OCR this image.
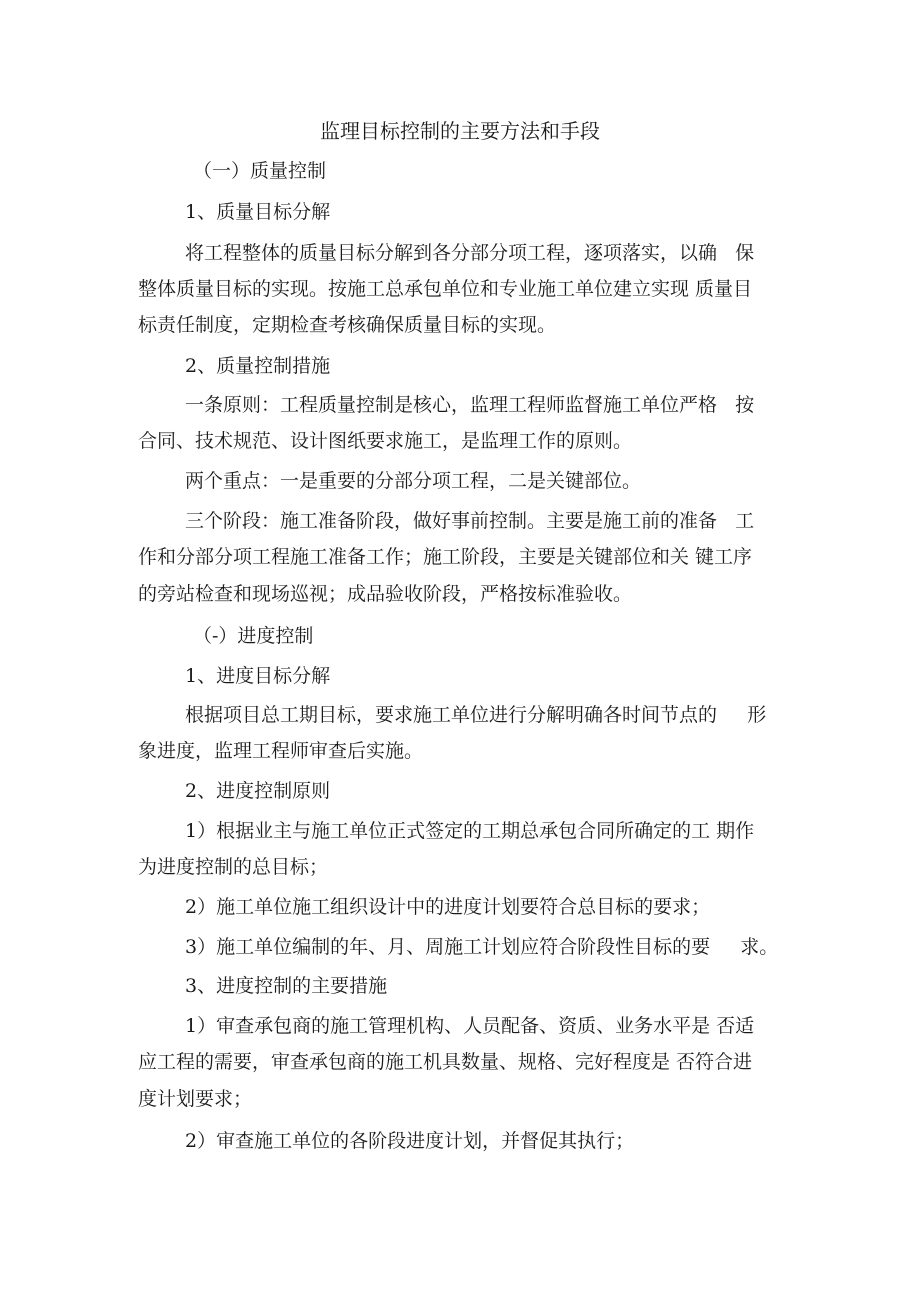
监理目标控制的主要方法和手段
（一）质量控制
1、质量目标分解
将工程整体的质量目标分解到各分部分项工程，逐项落实，以确   保
整体质量目标的实现。按施工总承包单位和专业施工单位建立实现 质量目
标责任制度，定期检查考核确保质量目标的实现。
2、质量控制措施
一条原则：工程质量控制是核心，监理工程师监督施工单位严格   按
合同、技术规范、设计图纸要求施工，是监理工作的原则。
两个重点：一是重要的分部分项工程，二是关键部位。
三个阶段：施工准备阶段，做好事前控制。主要是施工前的准备   工
作和分部分项工程施工准备工作；施工阶段，主要是关键部位和关 键工序
的旁站检查和现场巡视；成品验收阶段，严格按标准验收。
（-）进度控制
1、进度目标分解
根据项目总工期目标，要求施工单位进行分解明确各时间节点的     形
象进度，监理工程师审查后实施。
2、进度控制原则
1）根据业主与施工单位正式签定的工期总承包合同所确定的工 期作
为进度控制的总目标；
2）施工单位施工组织设计中的进度计划要符合总目标的要求；
3）施工单位编制的年、月、周施工计划应符合阶段性目标的要     求。
3、进度控制的主要措施
1）审查承包商的施工管理机构、人员配备、资质、业务水平是 否适
应工程的需要，审查承包商的施工机具数量、规格、完好程度是 否符合进
度计划要求；
2）审查施工单位的各阶段进度计划，并督促其执行；
